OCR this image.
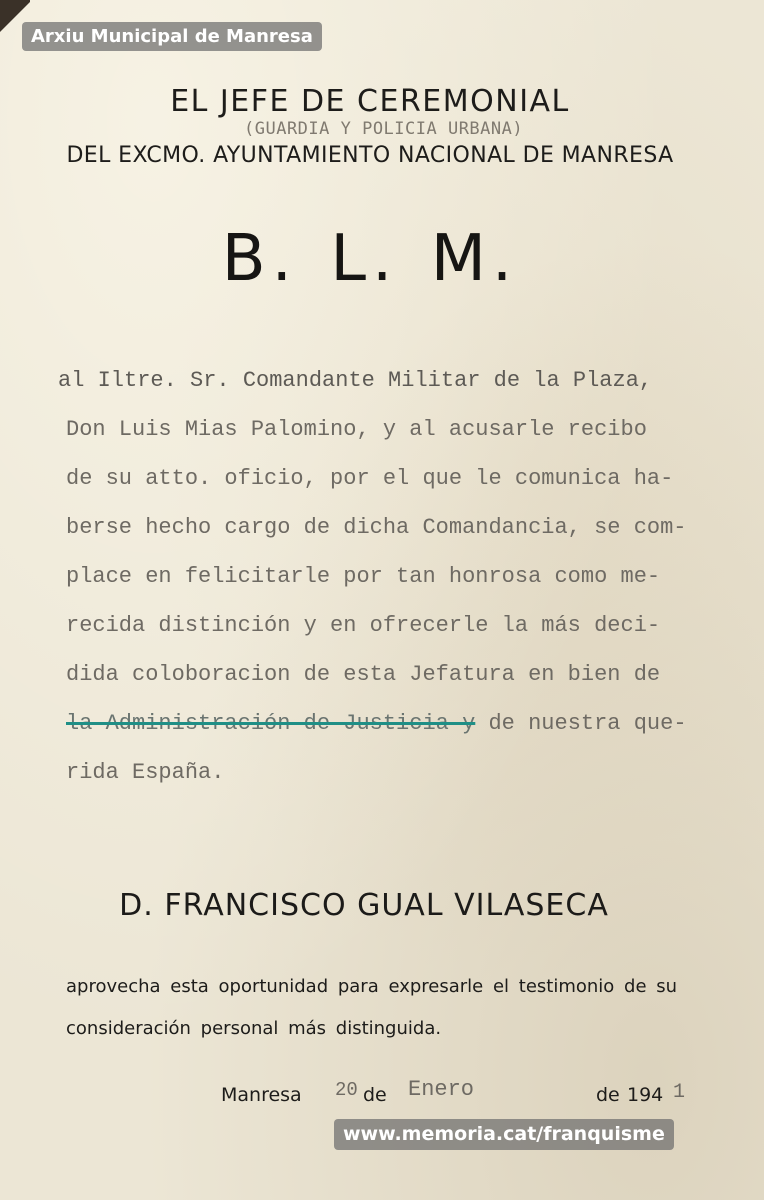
Arxiu Municipal de Manresa
EL JEFE DE CEREMONIAL
(GUARDIA Y POLICIA URBANA)
DEL EXCMO. AYUNTAMIENTO NACIONAL DE MANRESA
B. L. M.
al Iltre. Sr. Comandante Militar de la Plaza,
Don Luis Mias Palomino, y al acusarle recibo
de su atto. oficio, por el que le comunica ha-
berse hecho cargo de dicha Comandancia, se com-
place en felicitarle por tan honrosa como me-
recida distinción y en ofrecerle la más deci-
dida coloboracion de esta Jefatura en bien de
la Administración de Justicia y de nuestra que-
rida España.
D. FRANCISCO GUAL VILASECA
aprovecha esta oportunidad para expresarle el testimonio de su
consideración personal más distinguida.
Manresa 20 de Enero	de 194 1
www.memoria.cat/franquisme
